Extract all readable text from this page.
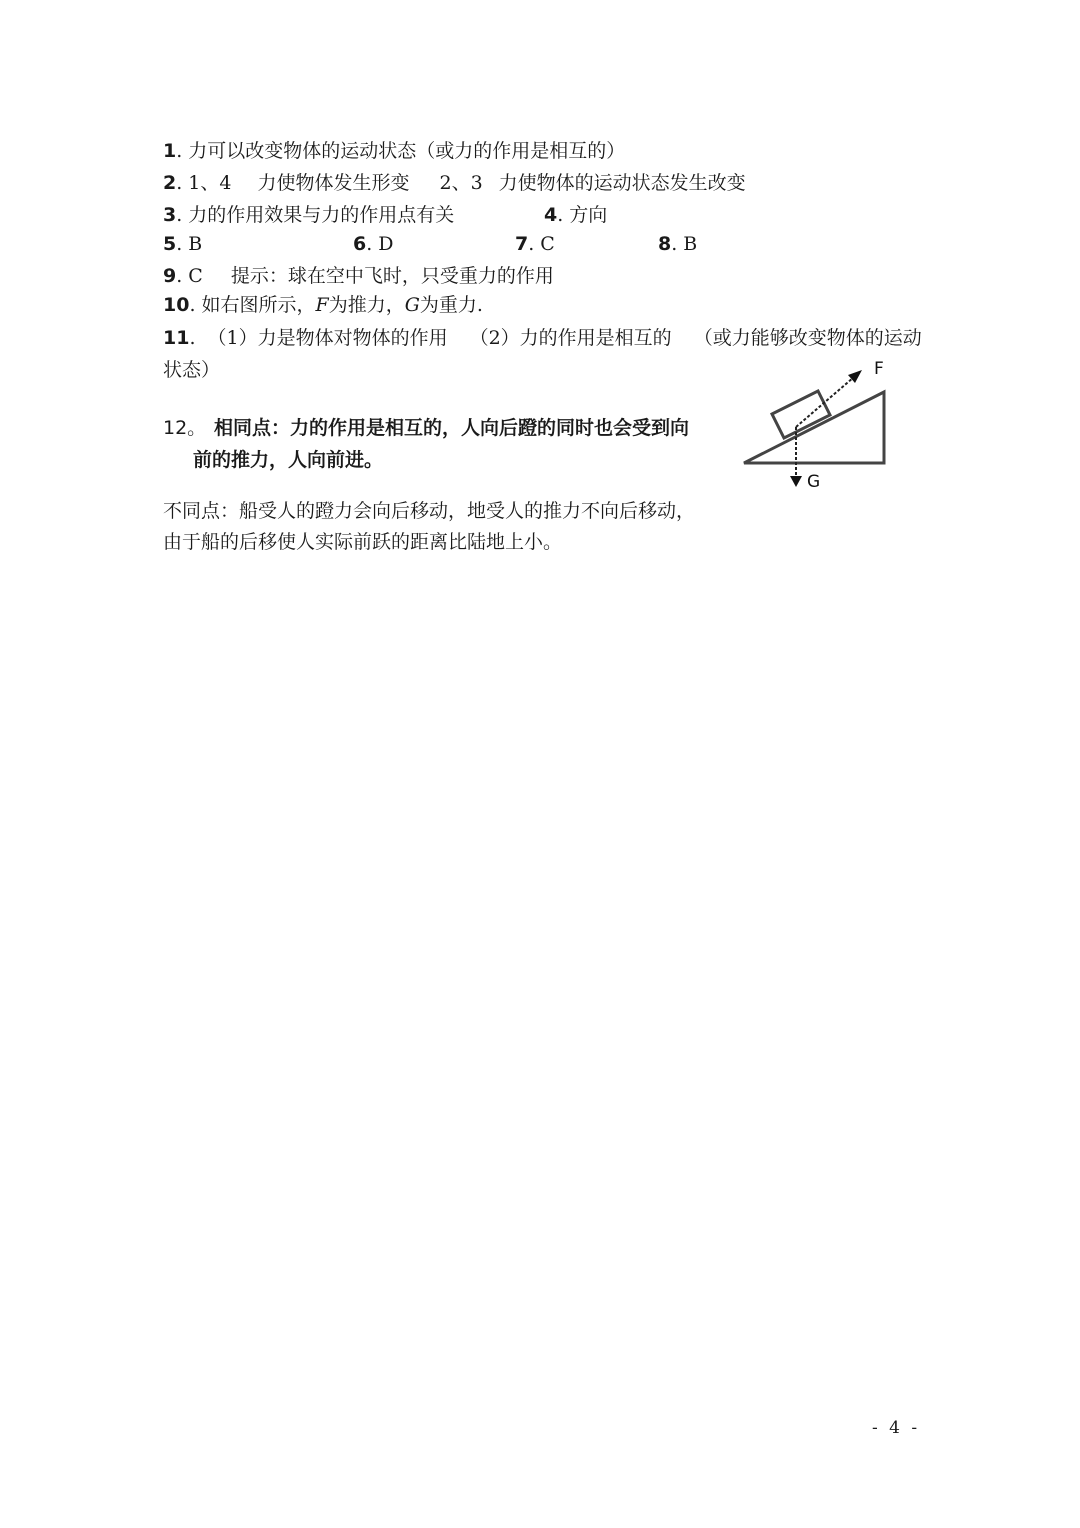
1. 力可以改变物体的运动状态（或力的作用是相互的）
2. 1、4 力使物体发生形变 2、3 力使物体的运动状态发生改变
3. 力的作用效果与力的作用点有关	4. 方向
5. B	6. D	7. C	8. B
9. C 提示：球在空中飞时，只受重力的作用
10. 如右图所示，F为推力，G为重力.
11. （1）力是物体对物体的作用 （2）力的作用是相互的 （或力能够改变物体的运动
状态）
12。 相同点：力的作用是相互的，人向后蹬的同时也会受到向
前的推力，人向前进。
不同点：船受人的蹬力会向后移动，地受人的推力不向后移动，
由于船的后移使人实际前跃的距离比陆地上小。
F
G
- 4 -
